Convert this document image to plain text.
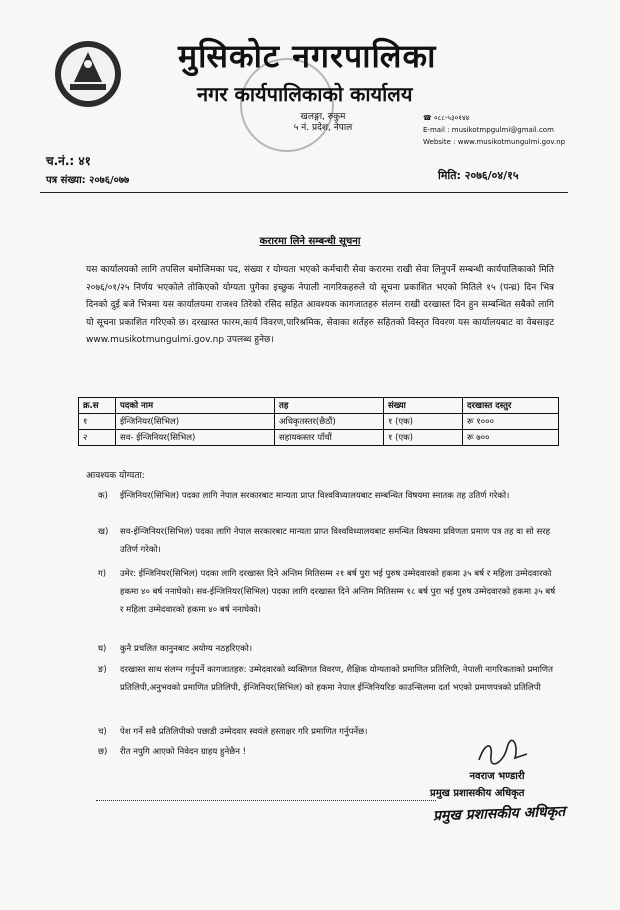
मुसिकोट नगरपालिका
नगर कार्यपालिकाको कार्यालय
खलङ्गा, रुकुम
५ नं. प्रदेश, नेपाल
☎ ०८८-५३०१४४
E-mail : musikotmpgulmi@gmail.com
Website : www.musikotmungulmi.gov.np
च.नं.: ४१
पत्र संख्या: २०७६/०७७	मिति: २०७६/०४/१५
करारमा लिने सम्बन्धी सूचना
यस कार्यालयको लागि तपसिल बमोजिमका पद, संख्या र योग्यता भएको कर्मचारी सेवा करारमा राखी सेवा लिनुपर्ने सम्बन्धी कार्यपालिकाको मिति २०७६/०१/२५ निर्णय भएकोले तोकिएको योग्यता पुगेका इच्छुक नेपाली नागरिकहरुले यो सूचना प्रकाशित भएको मितिले १५ (पन्ध्र) दिन भित्र दिनको दुई बजे भित्रमा यस कार्यालयमा राजश्व तिरेको रसिद सहित आवश्यक कागजातहरु संलग्न राखी दरखास्त दिन हुन सम्बन्धित सबैको लागि यो सूचना प्रकाशित गरिएको छ। दरखास्त फारम,कार्य विवरण,पारिश्रमिक, सेवाका शर्तहरु सहितको विस्तृत विवरण यस कार्यालयबाट वा वेबसाइट www.musikotmungulmi.gov.np उपलब्ध हुनेछ।
क्र.स	पदको नाम	तह	संख्या	दरखास्त दस्तुर
१	ईन्जिनियर(सिभिल)	अधिकृतस्तर(छैठौं)	१ (एक)	रू १०००
२	सव- ईन्जिनियर(सिभिल)	सहायकस्तर पाँचौं	१ (एक)	रू ७००
आवश्यक योग्यता:
क) ईन्जिनियर(सिभिल) पदका लागि नेपाल सरकारबाट मान्यता प्राप्त विश्वविध्यालयबाट सम्बन्धित विषयमा स्नातक तह उतिर्ण गरेको।
ख) सव-ईन्जिनियर(सिभिल) पदका लागि नेपाल सरकारबाट मान्यता प्राप्त विश्वविध्यालयबाट समन्धित विषयमा प्रविणता प्रमाण पत्र तह वा सो सरह उतिर्ण गरेको।
ग) उमेर: ईन्जिनियर(सिभिल) पदका लागि दरखास्त दिने अन्तिम मितिसम्म २१ बर्ष पुरा भई पुरुष उम्मेदवारको हकमा ३५ बर्ष र महिला उम्मेदवारको हकमा ४० बर्ष ननाघेको। सव-ईन्जिनियर(सिभिल) पदका लागि दरखास्त दिने अन्तिम मितिसम्म १८ बर्ष पुरा भई पुरुष उम्मेदवारको हकमा ३५ बर्ष र महिला उम्मेदवारको हकमा ४० बर्ष ननाघेको।
घ) कुनै प्रचलित कानुनबाट अयोग्य नठहरिएको।
ङ) दरखास्त साथ संलग्न गर्नुपर्ने कागजातहरु: उम्मेदवारको व्यक्तिगत विवरण, शैक्षिक योग्यताको प्रमाणित प्रतिलिपी, नेपाली नागरिकताको प्रमाणित प्रतिलिपी,अनुभवको प्रमाणित प्रतिलिपी, ईन्जिनियर(सिभिल) को हकमा नेपाल ईन्जिनियरिङ काउन्सिलमा दर्ता भएको प्रमाणपत्रको प्रतिलिपी
च) पेश गर्ने सवै प्रतिलिपीको पछाडी उम्मेदवार स्वयंले हस्ताक्षर गरि प्रमाणित गर्नुपर्नेछ।
छ) रीत नपुगि आएको निवेदन ग्राहय हुनेछैन !
नवराज भण्डारी
प्रमुख प्रशासकीय अधिकृत
प्रमुख प्रशासकीय अधिकृत
